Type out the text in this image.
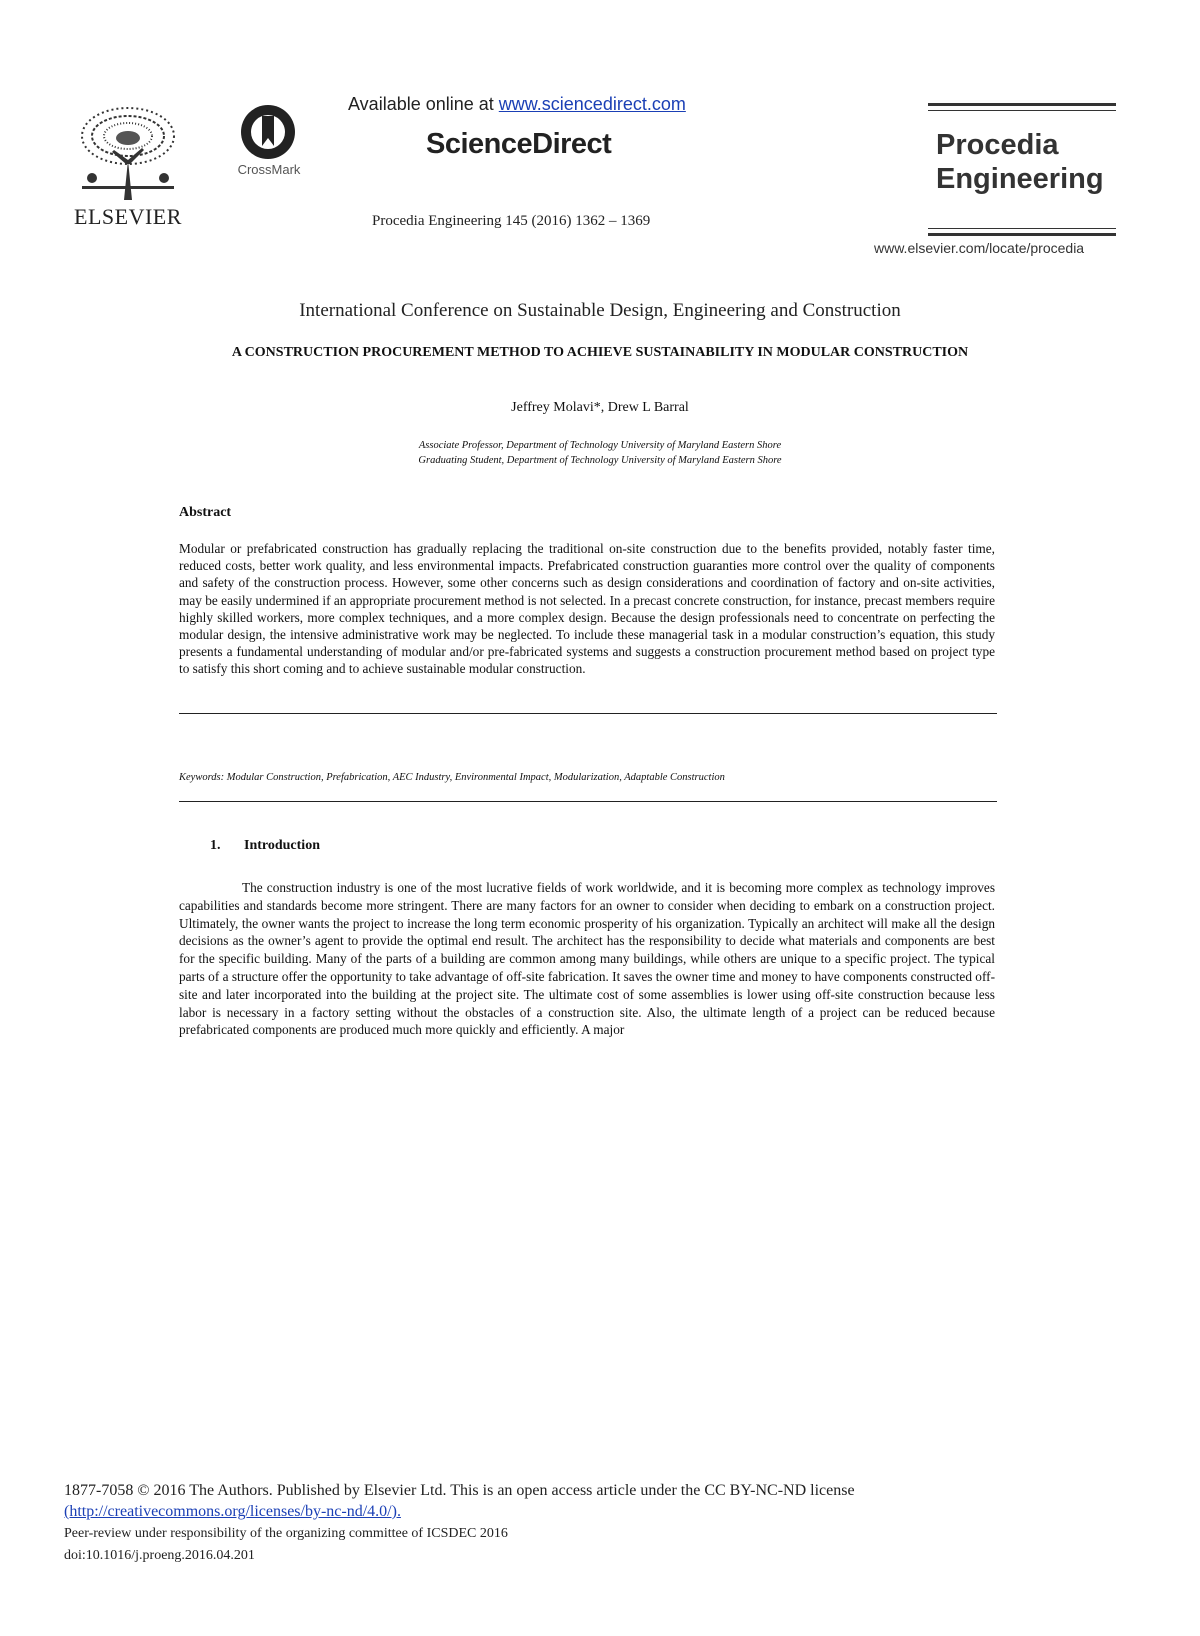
ELSEVIER
CrossMark
Available online at www.sciencedirect.com
ScienceDirect
Procedia Engineering 145 (2016) 1362 – 1369
Procedia
Engineering
www.elsevier.com/locate/procedia
International Conference on Sustainable Design, Engineering and Construction
A CONSTRUCTION PROCUREMENT METHOD TO ACHIEVE SUSTAINABILITY IN MODULAR CONSTRUCTION
Jeffrey Molavi*, Drew L Barral
Associate Professor, Department of Technology University of Maryland Eastern Shore
Graduating Student, Department of Technology University of Maryland Eastern Shore
Abstract
Modular or prefabricated construction has gradually replacing the traditional on-site construction due to the benefits provided, notably faster time, reduced costs, better work quality, and less environmental impacts. Prefabricated construction guaranties more control over the quality of components and safety of the construction process. However, some other concerns such as design considerations and coordination of factory and on-site activities, may be easily undermined if an appropriate procurement method is not selected. In a precast concrete construction, for instance, precast members require highly skilled workers, more complex techniques, and a more complex design. Because the design professionals need to concentrate on perfecting the modular design, the intensive administrative work may be neglected. To include these managerial task in a modular construction’s equation, this study presents a fundamental understanding of modular and/or pre-fabricated systems and suggests a construction procurement method based on project type to satisfy this short coming and to achieve sustainable modular construction.
Keywords: Modular Construction, Prefabrication, AEC Industry, Environmental Impact, Modularization, Adaptable Construction
1. Introduction
The construction industry is one of the most lucrative fields of work worldwide, and it is becoming more complex as technology improves capabilities and standards become more stringent. There are many factors for an owner to consider when deciding to embark on a construction project. Ultimately, the owner wants the project to increase the long term economic prosperity of his organization. Typically an architect will make all the design decisions as the owner’s agent to provide the optimal end result. The architect has the responsibility to decide what materials and components are best for the specific building. Many of the parts of a building are common among many buildings, while others are unique to a specific project. The typical parts of a structure offer the opportunity to take advantage of off-site fabrication. It saves the owner time and money to have components constructed off- site and later incorporated into the building at the project site. The ultimate cost of some assemblies is lower using off-site construction because less labor is necessary in a factory setting without the obstacles of a construction site. Also, the ultimate length of a project can be reduced because prefabricated components are produced much more quickly and efficiently. A major
1877-7058 © 2016 The Authors. Published by Elsevier Ltd. This is an open access article under the CC BY-NC-ND license
(http://creativecommons.org/licenses/by-nc-nd/4.0/).
Peer-review under responsibility of the organizing committee of ICSDEC 2016
doi:10.1016/j.proeng.2016.04.201
